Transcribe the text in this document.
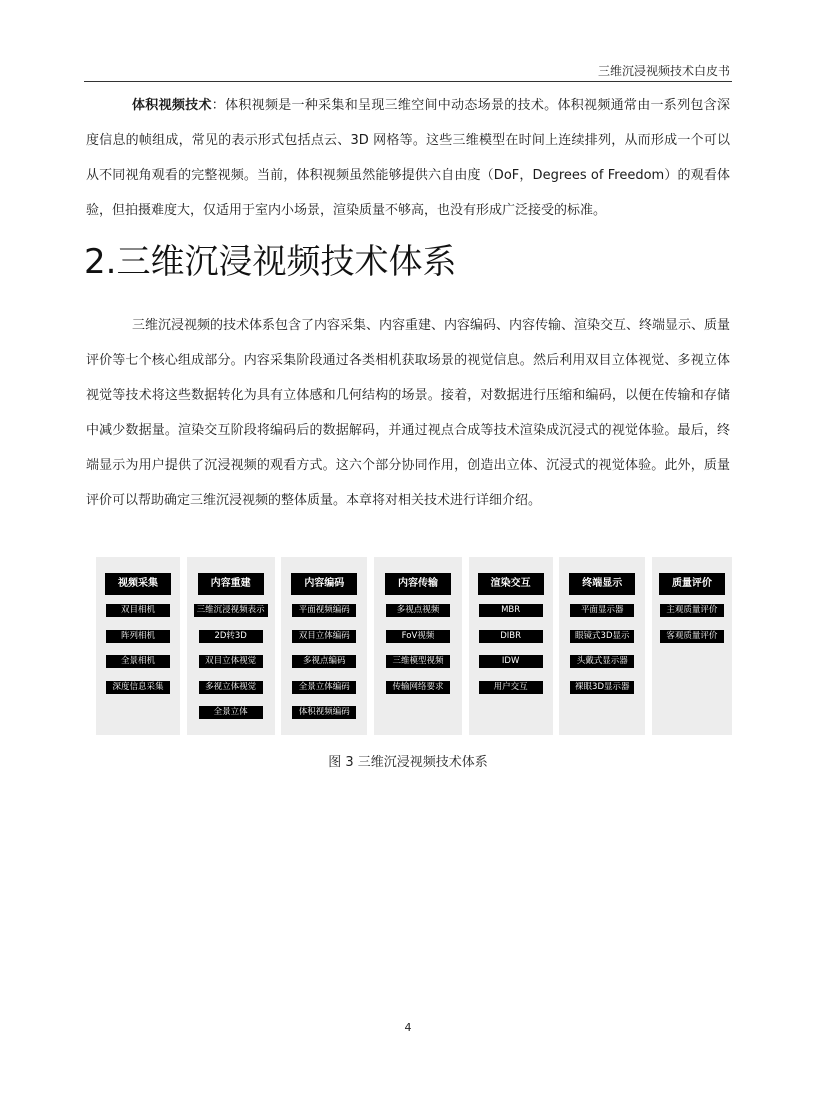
三维沉浸视频技术白皮书

体积视频技术：体积视频是一种采集和呈现三维空间中动态场景的技术。体积视频通常由一系列包含深度信息的帧组成，常见的表示形式包括点云、3D 网格等。这些三维模型在时间上连续排列，从而形成一个可以从不同视角观看的完整视频。当前，体积视频虽然能够提供六自由度（DoF，Degrees of Freedom）的观看体验，但拍摄难度大，仅适用于室内小场景，渲染质量不够高，也没有形成广泛接受的标准。

2.三维沉浸视频技术体系

三维沉浸视频的技术体系包含了内容采集、内容重建、内容编码、内容传输、渲染交互、终端显示、质量评价等七个核心组成部分。内容采集阶段通过各类相机获取场景的视觉信息。然后利用双目立体视觉、多视立体视觉等技术将这些数据转化为具有立体感和几何结构的场景。接着，对数据进行压缩和编码，以便在传输和存储中减少数据量。渲染交互阶段将编码后的数据解码，并通过视点合成等技术渲染成沉浸式的视觉体验。最后，终端显示为用户提供了沉浸视频的观看方式。这六个部分协同作用，创造出立体、沉浸式的视觉体验。此外，质量评价可以帮助确定三维沉浸视频的整体质量。本章将对相关技术进行详细介绍。

视频采集
双目相机
阵列相机
全景相机
深度信息采集
内容重建
三维沉浸视频表示
2D转3D
双目立体视觉
多视立体视觉
全景立体
内容编码
平面视频编码
双目立体编码
多视点编码
全景立体编码
体积视频编码
内容传输
多视点视频
FoV视频
三维模型视频
传输网络要求
渲染交互
MBR
DIBR
IDW
用户交互
终端显示
平面显示器
眼镜式3D显示
头戴式显示器
裸眼3D显示器
质量评价
主观质量评价
客观质量评价
图 3 三维沉浸视频技术体系
4
